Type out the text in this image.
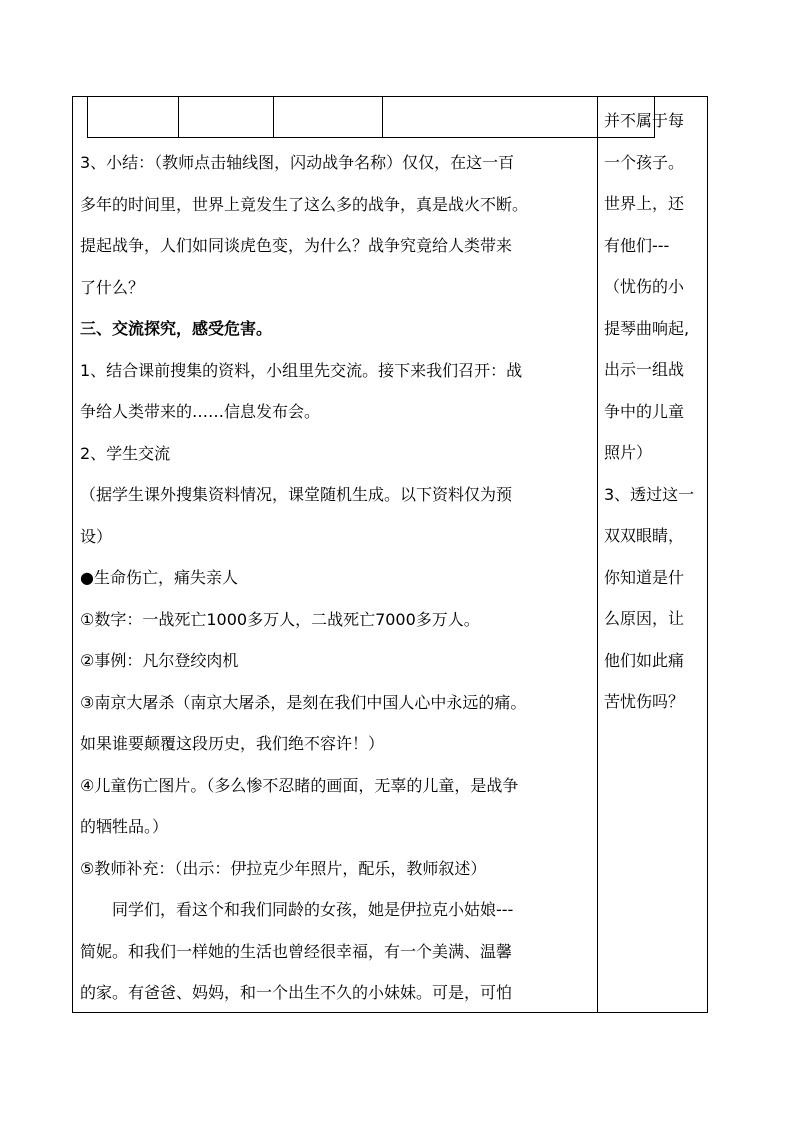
3、小结：（教师点击轴线图，闪动战争名称）仅仅，在这一百

多年的时间里，世界上竟发生了这么多的战争，真是战火不断。

提起战争，人们如同谈虎色变，为什么？战争究竟给人类带来

了什么？

三、交流探究，感受危害。

1、结合课前搜集的资料，小组里先交流。接下来我们召开：战

争给人类带来的……信息发布会。

2、学生交流

（据学生课外搜集资料情况，课堂随机生成。以下资料仅为预

设）

●生命伤亡，痛失亲人

①数字：一战死亡1000多万人，二战死亡7000多万人。

②事例：凡尔登绞肉机

③南京大屠杀（南京大屠杀，是刻在我们中国人心中永远的痛。

如果谁要颠覆这段历史，我们绝不容许！）

④儿童伤亡图片。（多么惨不忍睹的画面，无辜的儿童，是战争

的牺牲品。）

⑤教师补充：（出示：伊拉克少年照片，配乐，教师叙述）

同学们，看这个和我们同龄的女孩，她是伊拉克小姑娘---

简妮。和我们一样她的生活也曾经很幸福，有一个美满、温馨

的家。有爸爸、妈妈，和一个出生不久的小妹妹。可是，可怕

并不属于每

一个孩子。

世界上，还

有他们---

（忧伤的小

提琴曲响起,

出示一组战

争中的儿童

照片）

3、透过这一

双双眼睛，

你知道是什

么原因，让

他们如此痛

苦忧伤吗？
